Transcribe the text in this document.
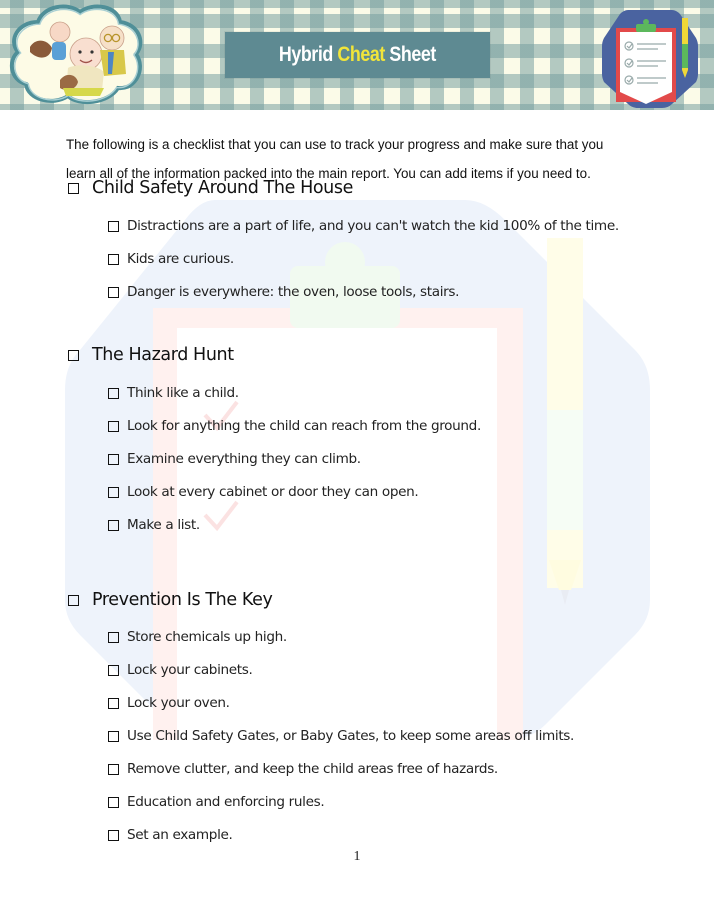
Hybrid Cheat Sheet
The following is a checklist that you can use to track your progress and make sure that you
learn all of the information packed into the main report. You can add items if you need to.
Child Safety Around The House
Distractions are a part of life, and you can't watch the kid 100% of the time.
Kids are curious.
Danger is everywhere: the oven, loose tools, stairs.
The Hazard Hunt
Think like a child.
Look for anything the child can reach from the ground.
Examine everything they can climb.
Look at every cabinet or door they can open.
Make a list.
Prevention Is The Key
Store chemicals up high.
Lock your cabinets.
Lock your oven.
Use Child Safety Gates, or Baby Gates, to keep some areas off limits.
Remove clutter, and keep the child areas free of hazards.
Education and enforcing rules.
Set an example.
1
